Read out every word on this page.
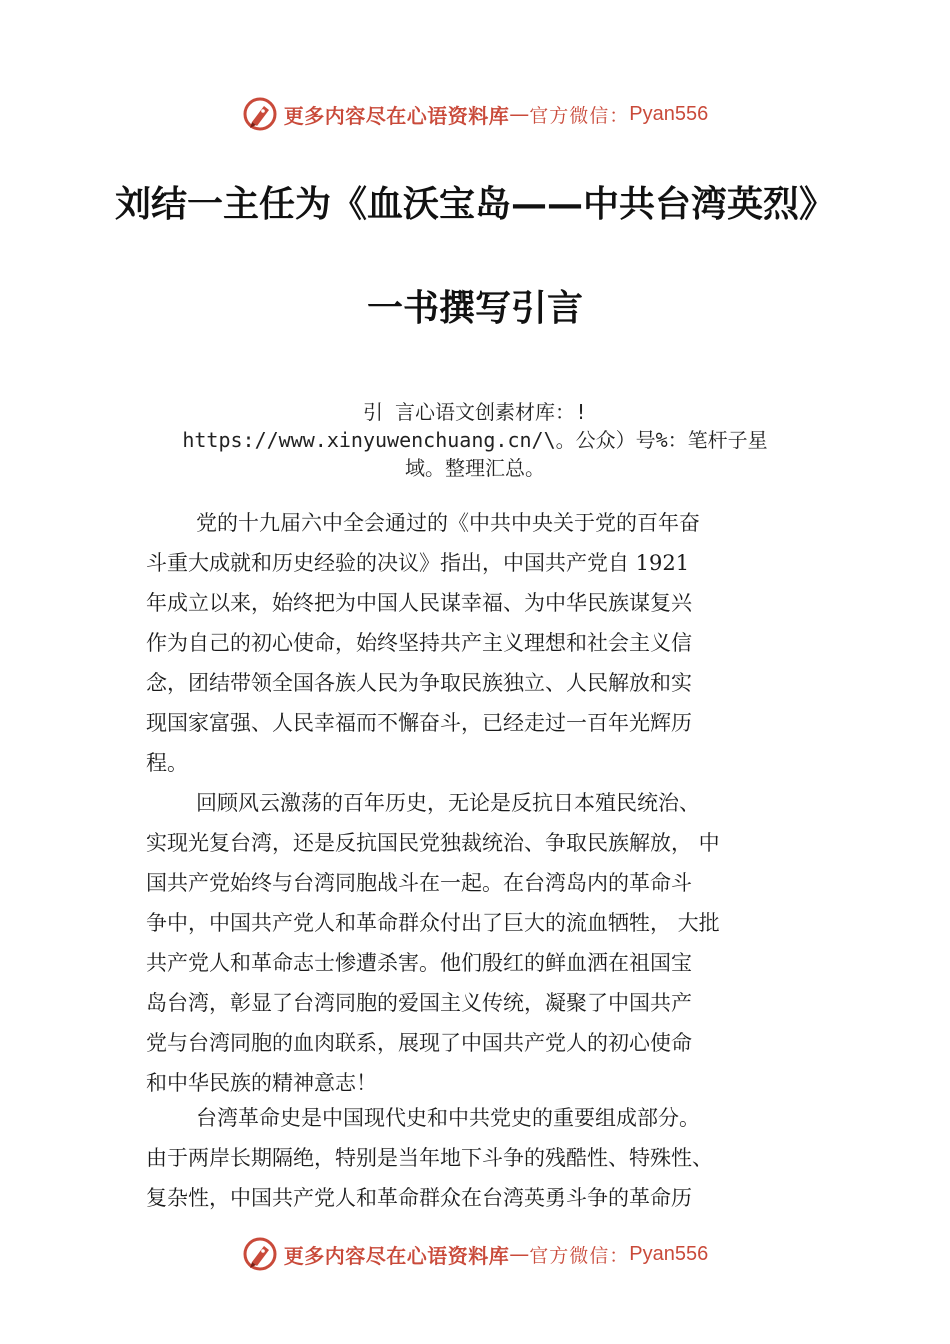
更多内容尽在心语资料库 — 官方微信： Pyan556
刘结一主任为《血沃宝岛——中共台湾英烈》
一书撰写引言
引 言心语文创素材库：!
https://www.xinyuwenchuang.cn/\。公众）号%：笔杆子星
域。整理汇总。
党的十九届六中全会通过的《中共中央关于党的百年奋
斗重大成就和历史经验的决议》指出，中国共产党自 1921
年成立以来，始终把为中国人民谋幸福、为中华民族谋复兴
作为自己的初心使命，始终坚持共产主义理想和社会主义信
念，团结带领全国各族人民为争取民族独立、人民解放和实
现国家富强、人民幸福而不懈奋斗，已经走过一百年光辉历
程。
回顾风云激荡的百年历史，无论是反抗日本殖民统治、
实现光复台湾，还是反抗国民党独裁统治、争取民族解放， 中
国共产党始终与台湾同胞战斗在一起。在台湾岛内的革命斗
争中，中国共产党人和革命群众付出了巨大的流血牺牲， 大批
共产党人和革命志士惨遭杀害。他们殷红的鲜血洒在祖国宝
岛台湾，彰显了台湾同胞的爱国主义传统，凝聚了中国共产
党与台湾同胞的血肉联系，展现了中国共产党人的初心使命
和中华民族的精神意志！
台湾革命史是中国现代史和中共党史的重要组成部分。
由于两岸长期隔绝，特别是当年地下斗争的残酷性、特殊性、
复杂性，中国共产党人和革命群众在台湾英勇斗争的革命历
更多内容尽在心语资料库 — 官方微信： Pyan556
